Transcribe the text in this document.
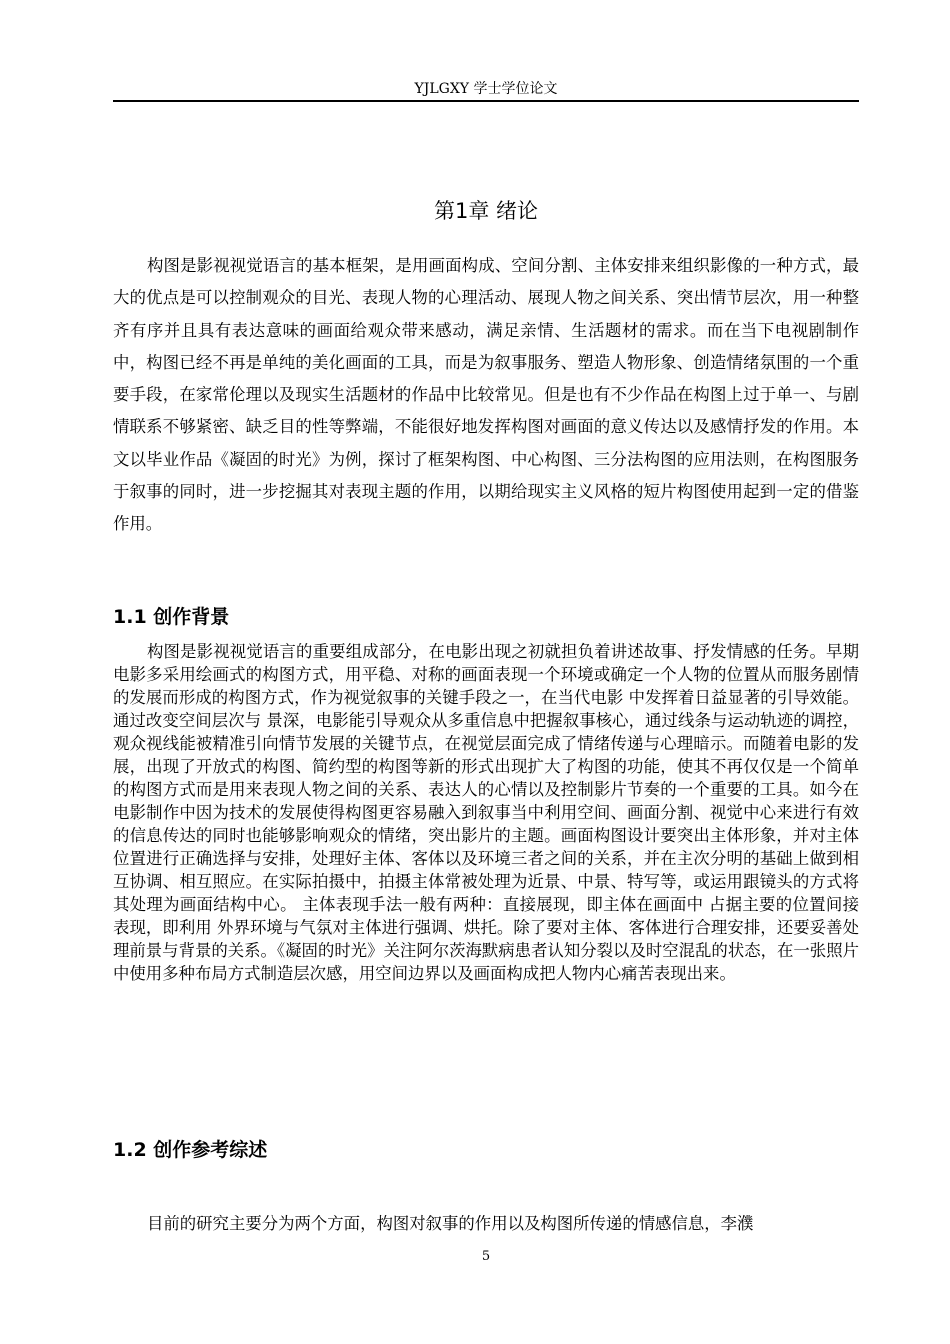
YJLGXY 学士学位论文
第1章 绪论

构图是影视视觉语言的基本框架，是用画面构成、空间分割、主体安排来组织影像的一种方式，最大的优点是可以控制观众的目光、表现人物的心理活动、展现人物之间关系、突出情节层次，用一种整齐有序并且具有表达意味的画面给观众带来感动，满足亲情、生活题材的需求。而在当下电视剧制作中，构图已经不再是单纯的美化画面的工具，而是为叙事服务、塑造人物形象、创造情绪氛围的一个重要手段，在家常伦理以及现实生活题材的作品中比较常见。但是也有不少作品在构图上过于单一、与剧情联系不够紧密、缺乏目的性等弊端，不能很好地发挥构图对画面的意义传达以及感情抒发的作用。本文以毕业作品《凝固的时光》为例，探讨了框架构图、中心构图、三分法构图的应用法则，在构图服务于叙事的同时，进一步挖掘其对表现主题的作用，以期给现实主义风格的短片构图使用起到一定的借鉴作用。

1.1 创作背景

构图是影视视觉语言的重要组成部分，在电影出现之初就担负着讲述故事、抒发情感的任务。早期电影多采用绘画式的构图方式，用平稳、对称的画面表现一个环境或确定一个人物的位置从而服务剧情的发展而形成的构图方式，作为视觉叙事的关键手段之一，在当代电影 中发挥着日益显著的引导效能。通过改变空间层次与 景深，电影能引导观众从多重信息中把握叙事核心，通过线条与运动轨迹的调控，观众视线能被精准引向情节发展的关键节点，在视觉层面完成了情绪传递与心理暗示。而随着电影的发展，出现了开放式的构图、简约型的构图等新的形式出现扩大了构图的功能，使其不再仅仅是一个简单的构图方式而是用来表现人物之间的关系、表达人的心情以及控制影片节奏的一个重要的工具。如今在电影制作中因为技术的发展使得构图更容易融入到叙事当中利用空间、画面分割、视觉中心来进行有效的信息传达的同时也能够影响观众的情绪，突出影片的主题。画面构图设计要突出主体形象，并对主体位置进行正确选择与安排，处理好主体、客体以及环境三者之间的关系，并在主次分明的基础上做到相互协调、相互照应。在实际拍摄中，拍摄主体常被处理为近景、中景、特写等，或运用跟镜头的方式将其处理为画面结构中心。 主体表现手法一般有两种：直接展现，即主体在画面中 占据主要的位置间接表现，即利用 外界环境与气氛对主体进行强调、烘托。除了要对主体、客体进行合理安排，还要妥善处理前景与背景的关系。《凝固的时光》关注阿尔茨海默病患者认知分裂以及时空混乱的状态，在一张照片中使用多种布局方式制造层次感，用空间边界以及画面构成把人物内心痛苦表现出来。

1.2 创作参考综述

目前的研究主要分为两个方面，构图对叙事的作用以及构图所传递的情感信息，李濮

5
